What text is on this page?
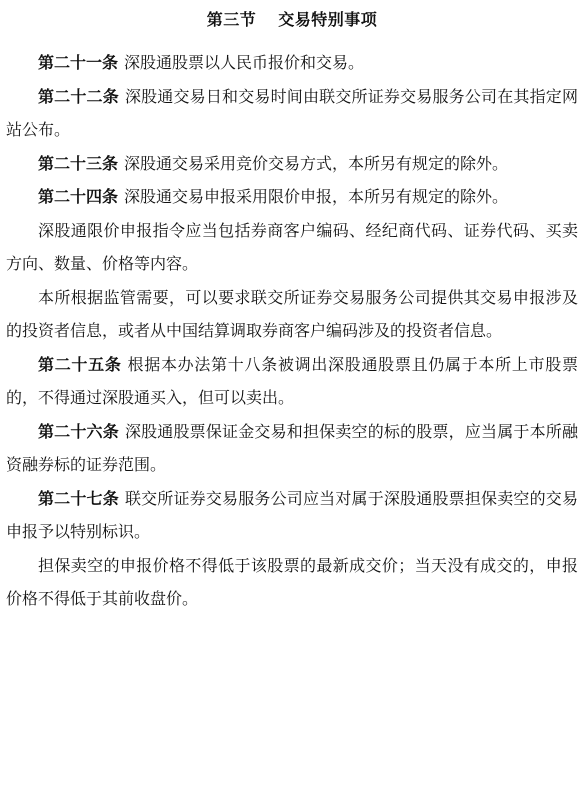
第三节 交易特别事项

第二十一条 深股通股票以人民币报价和交易。

第二十二条 深股通交易日和交易时间由联交所证券交易服务公司在其指定网站公布。

第二十三条 深股通交易采用竞价交易方式，本所另有规定的除外。

第二十四条 深股通交易申报采用限价申报，本所另有规定的除外。

深股通限价申报指令应当包括券商客户编码、经纪商代码、证券代码、买卖方向、数量、价格等内容。

本所根据监管需要，可以要求联交所证券交易服务公司提供其交易申报涉及的投资者信息，或者从中国结算调取券商客户编码涉及的投资者信息。

第二十五条 根据本办法第十八条被调出深股通股票且仍属于本所上市股票的，不得通过深股通买入，但可以卖出。

第二十六条 深股通股票保证金交易和担保卖空的标的股票，应当属于本所融资融券标的证券范围。

第二十七条 联交所证券交易服务公司应当对属于深股通股票担保卖空的交易申报予以特别标识。

担保卖空的申报价格不得低于该股票的最新成交价；当天没有成交的，申报价格不得低于其前收盘价。
